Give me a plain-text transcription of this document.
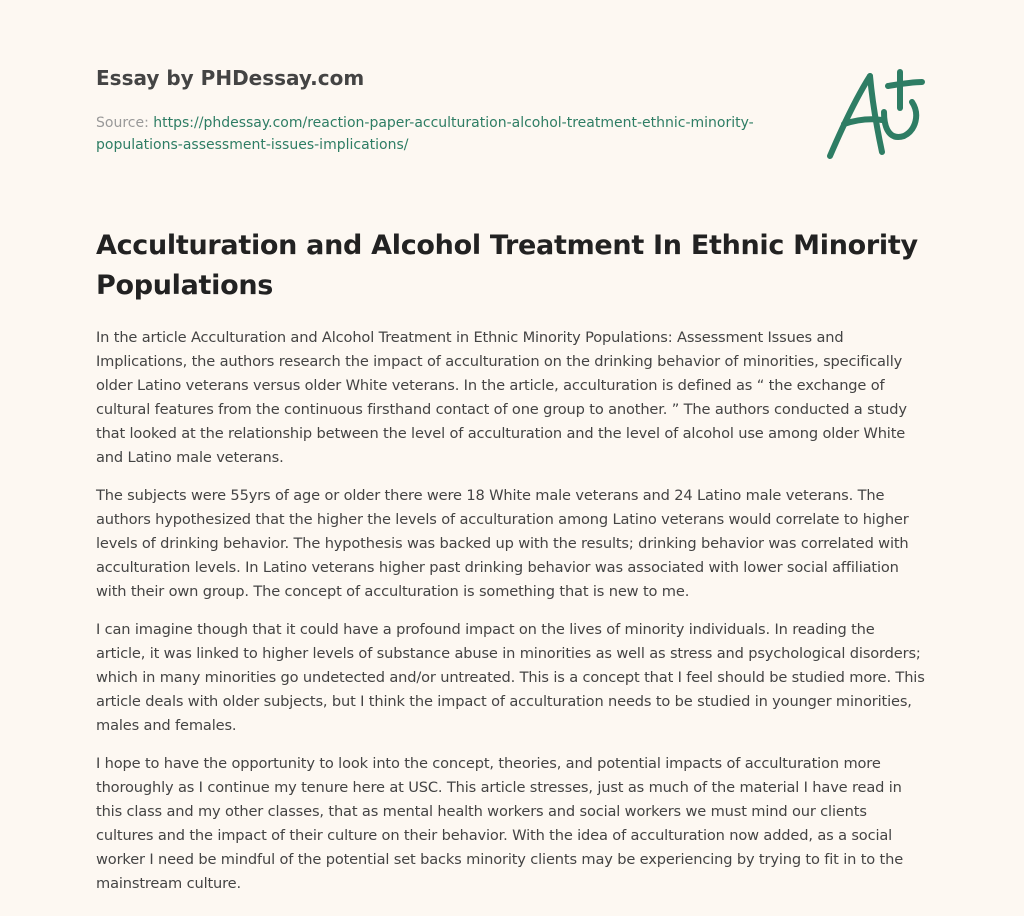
Essay by PHDessay.com
Source: https://phdessay.com/reaction-paper-acculturation-alcohol-treatment-ethnic-minority-populations-assessment-issues-implications/
Acculturation and Alcohol Treatment In Ethnic Minority Populations

In the article Acculturation and Alcohol Treatment in Ethnic Minority Populations: Assessment Issues and Implications, the authors research the impact of acculturation on the drinking behavior of minorities, specifically older Latino veterans versus older White veterans. In the article, acculturation is defined as “ the exchange of cultural features from the continuous firsthand contact of one group to another. ” The authors conducted a study that looked at the relationship between the level of acculturation and the level of alcohol use among older White and Latino male veterans.

The subjects were 55yrs of age or older there were 18 White male veterans and 24 Latino male veterans. The authors hypothesized that the higher the levels of acculturation among Latino veterans would correlate to higher levels of drinking behavior. The hypothesis was backed up with the results; drinking behavior was correlated with acculturation levels. In Latino veterans higher past drinking behavior was associated with lower social affiliation with their own group. The concept of acculturation is something that is new to me.

I can imagine though that it could have a profound impact on the lives of minority individuals. In reading the article, it was linked to higher levels of substance abuse in minorities as well as stress and psychological disorders; which in many minorities go undetected and/or untreated. This is a concept that I feel should be studied more. This article deals with older subjects, but I think the impact of acculturation needs to be studied in younger minorities, males and females.

I hope to have the opportunity to look into the concept, theories, and potential impacts of acculturation more thoroughly as I continue my tenure here at USC. This article stresses, just as much of the material I have read in this class and my other classes, that as mental health workers and social workers we must mind our clients cultures and the impact of their culture on their behavior. With the idea of acculturation now added, as a social worker I need be mindful of the potential set backs minority clients may be experiencing by trying to fit in to the mainstream culture.
